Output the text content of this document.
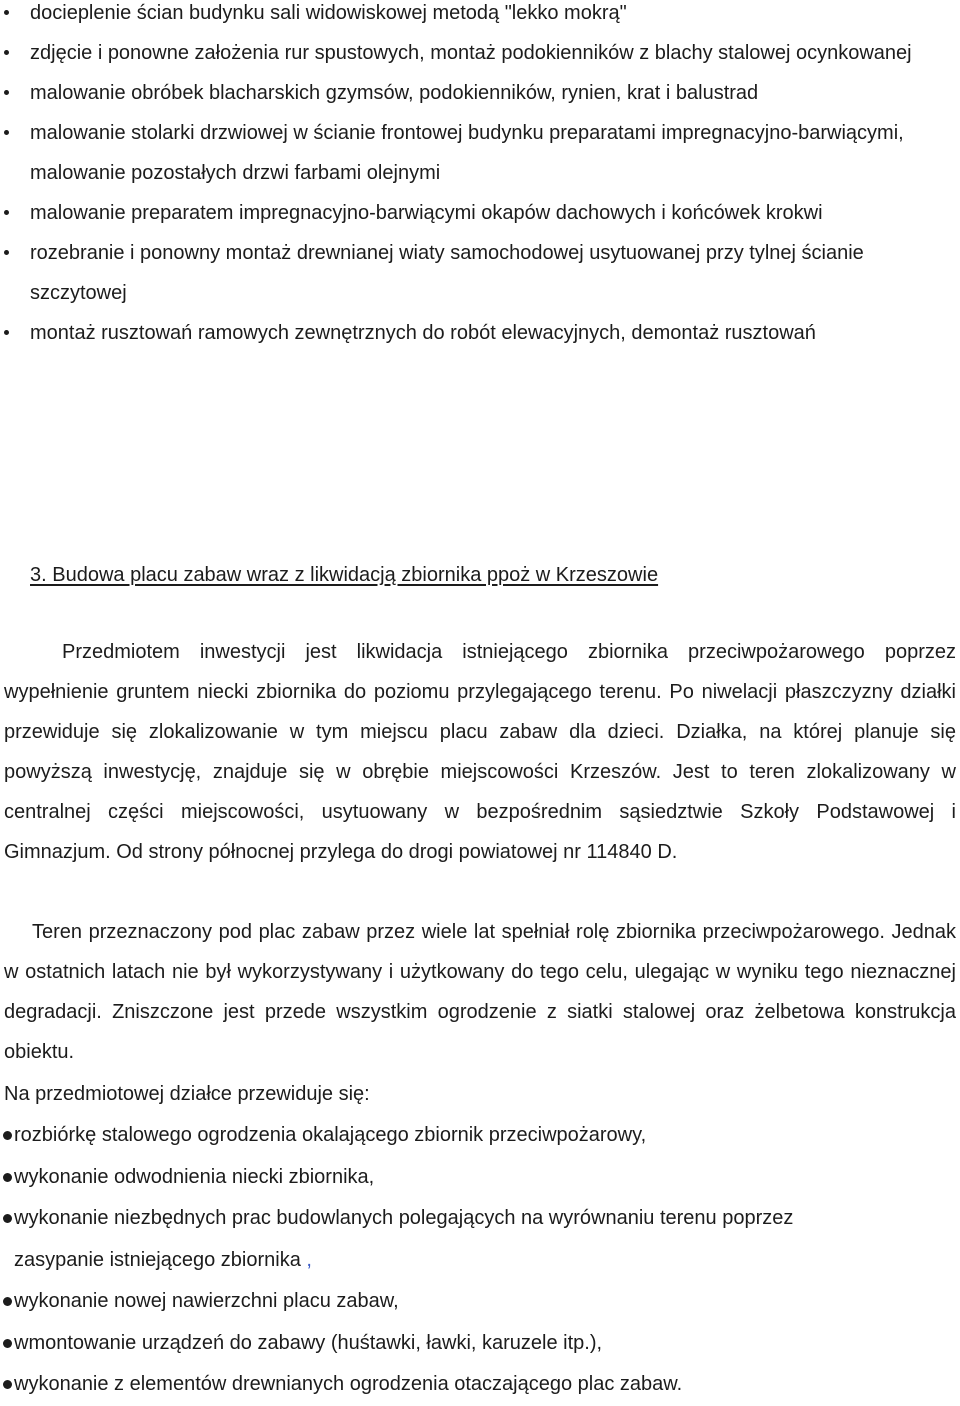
docieplenie ścian budynku sali widowiskowej metodą "lekko mokrą"
zdjęcie i ponowne założenia rur spustowych, montaż podokienników z blachy stalowej ocynkowanej
malowanie obróbek blacharskich gzymsów, podokienników, rynien, krat i balustrad
malowanie stolarki drzwiowej w ścianie frontowej budynku preparatami impregnacyjno-barwiącymi, malowanie pozostałych drzwi farbami olejnymi
malowanie preparatem impregnacyjno-barwiącymi okapów dachowych i końcówek krokwi
rozebranie i ponowny montaż drewnianej wiaty samochodowej usytuowanej przy tylnej ścianie szczytowej
montaż rusztowań ramowych zewnętrznych do robót elewacyjnych, demontaż rusztowań
3. Budowa placu zabaw wraz z likwidacją zbiornika ppoż w Krzeszowie

Przedmiotem inwestycji jest likwidacja istniejącego zbiornika przeciwpożarowego poprzez wypełnienie gruntem niecki zbiornika do poziomu przylegającego terenu. Po niwelacji płaszczyzny działki przewiduje się zlokalizowanie w tym miejscu placu zabaw dla dzieci. Działka, na której planuje się powyższą inwestycję, znajduje się w obrębie miejscowości Krzeszów. Jest to teren zlokalizowany w centralnej części miejscowości, usytuowany w bezpośrednim sąsiedztwie Szkoły Podstawowej i Gimnazjum. Od strony północnej przylega do drogi powiatowej nr 114840 D.

Teren przeznaczony pod plac zabaw przez wiele lat spełniał rolę zbiornika przeciwpożarowego. Jednak w ostatnich latach nie był wykorzystywany i użytkowany do tego celu, ulegając w wyniku tego nieznacznej degradacji. Zniszczone jest przede wszystkim ogrodzenie z siatki stalowej oraz żelbetowa konstrukcja obiektu.

Na przedmiotowej działce przewiduje się:
rozbiórkę stalowego ogrodzenia okalającego zbiornik przeciwpożarowy,
wykonanie odwodnienia niecki zbiornika,
wykonanie niezbędnych prac budowlanych polegających na wyrównaniu terenu poprzez
zasypanie istniejącego zbiornika ,
wykonanie nowej nawierzchni placu zabaw,
wmontowanie urządzeń do zabawy (huśtawki, ławki, karuzele itp.),
wykonanie z elementów drewnianych ogrodzenia otaczającego plac zabaw.
